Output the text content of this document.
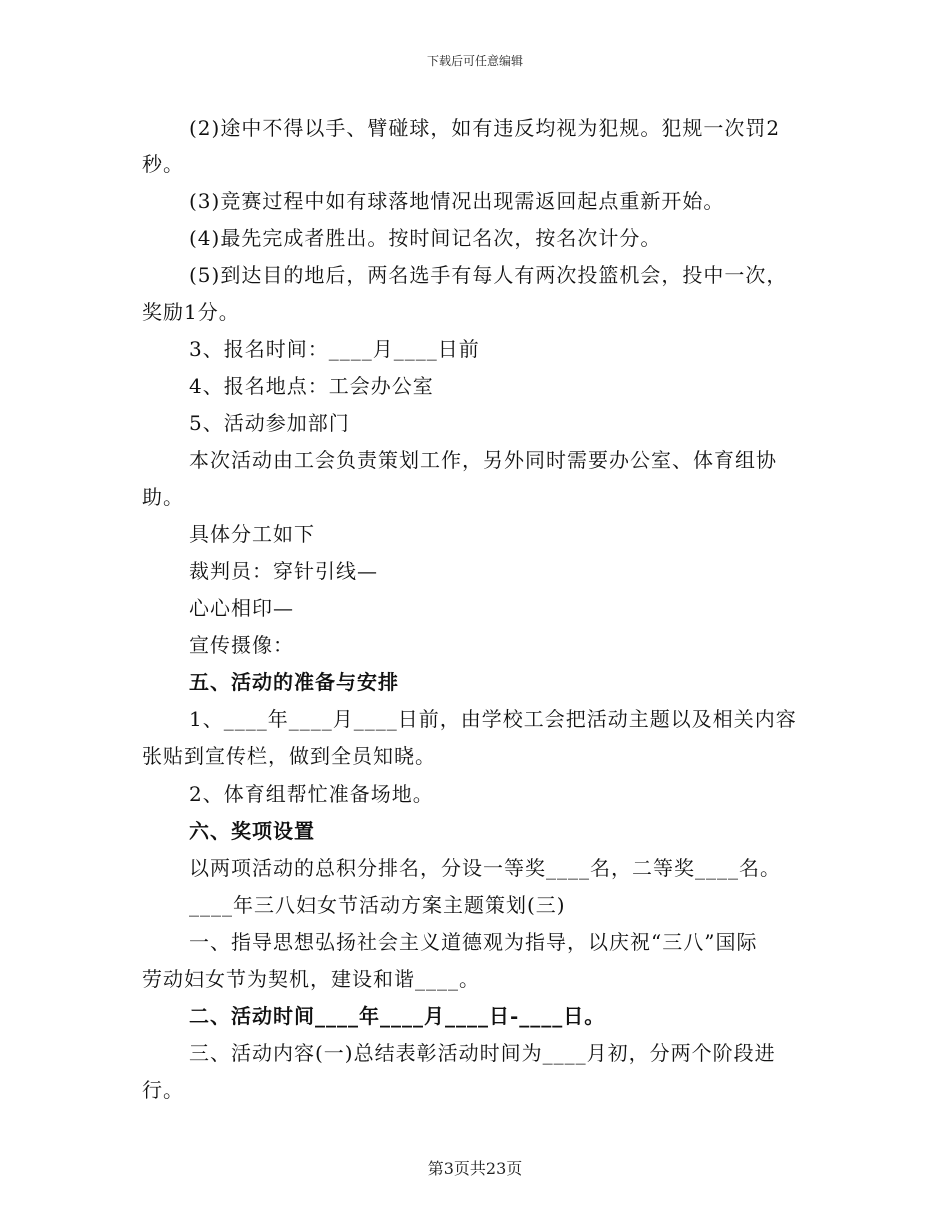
下载后可任意编辑
(2)途中不得以手、臂碰球，如有违反均视为犯规。犯规一次罚2
秒。
(3)竞赛过程中如有球落地情况出现需返回起点重新开始。
(4)最先完成者胜出。按时间记名次，按名次计分。
(5)到达目的地后，两名选手有每人有两次投篮机会，投中一次，
奖励1分。
3、报名时间：____月____日前
4、报名地点：工会办公室
5、活动参加部门
本次活动由工会负责策划工作，另外同时需要办公室、体育组协
助。
具体分工如下
裁判员：穿针引线—
心心相印—
宣传摄像：
五、活动的准备与安排
1、____年____月____日前，由学校工会把活动主题以及相关内容
张贴到宣传栏，做到全员知晓。
2、体育组帮忙准备场地。
六、奖项设置
以两项活动的总积分排名，分设一等奖____名，二等奖____名。
____年三八妇女节活动方案主题策划(三)
一、指导思想弘扬社会主义道德观为指导，以庆祝“三八”国际
劳动妇女节为契机，建设和谐____。
二、活动时间____年____月____日-____日。
三、活动内容(一)总结表彰活动时间为____月初，分两个阶段进
行。
第3页共23页
